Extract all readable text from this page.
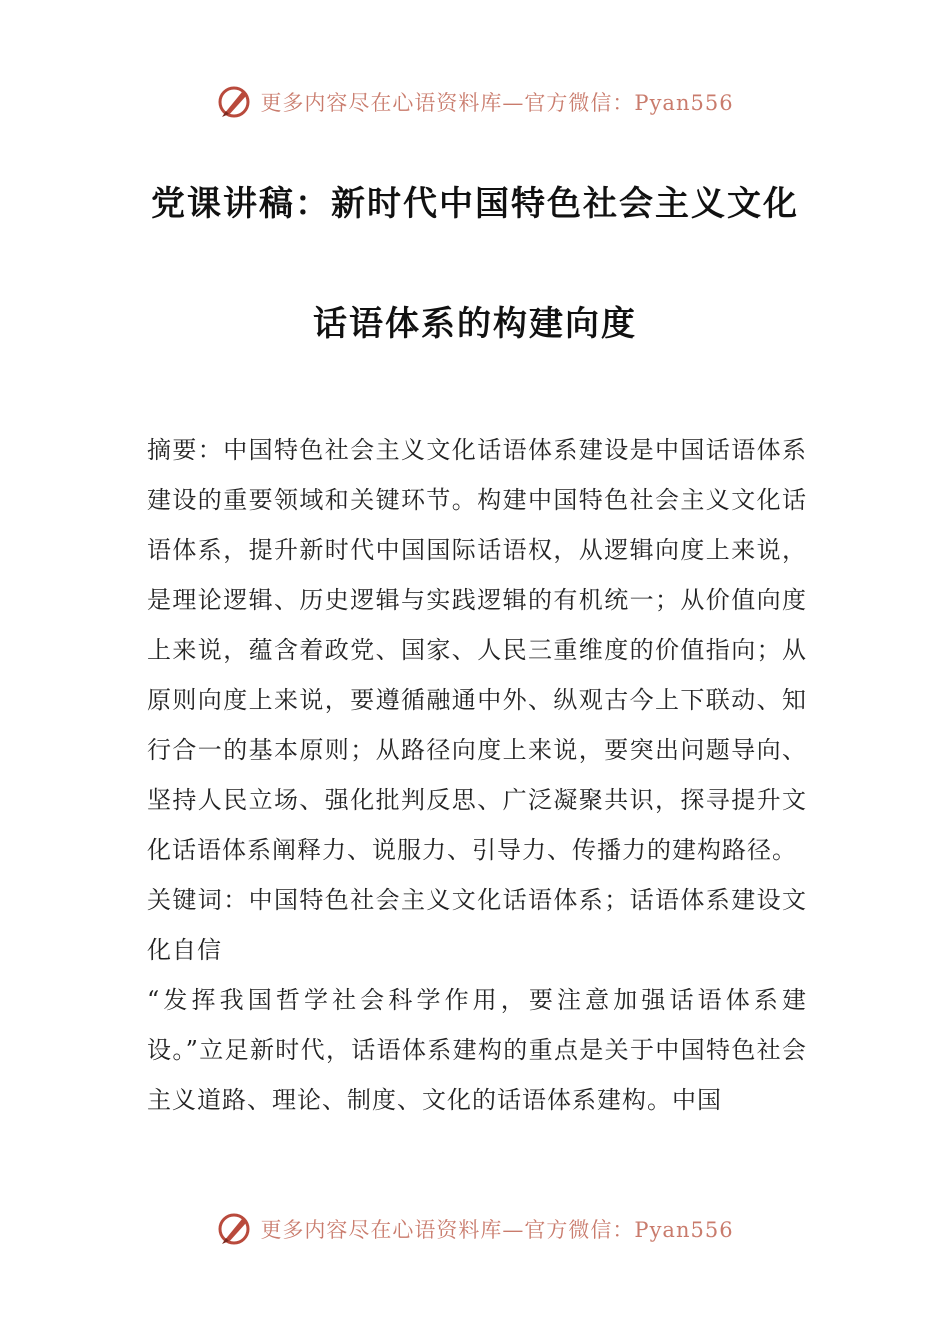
更多内容尽在心语资料库—官方微信：Pyan556
党课讲稿：新时代中国特色社会主义文化
话语体系的构建向度

摘要：中国特色社会主义文化话语体系建设是中国话语体系建设的重要领域和关键环节。构建中国特色社会主义文化话语体系，提升新时代中国国际话语权，从逻辑向度上来说，是理论逻辑、历史逻辑与实践逻辑的有机统一；从价值向度上来说，蕴含着政党、国家、人民三重维度的价值指向；从原则向度上来说，要遵循融通中外、纵观古今上下联动、知行合一的基本原则；从路径向度上来说，要突出问题导向、坚持人民立场、强化批判反思、广泛凝聚共识，探寻提升文化话语体系阐释力、说服力、引导力、传播力的建构路径。

关键词：中国特色社会主义文化话语体系；话语体系建设文化自信

“发挥我国哲学社会科学作用，要注意加强话语体系建设。”立足新时代，话语体系建构的重点是关于中国特色社会主义道路、理论、制度、文化的话语体系建构。中国

更多内容尽在心语资料库—官方微信：Pyan556
